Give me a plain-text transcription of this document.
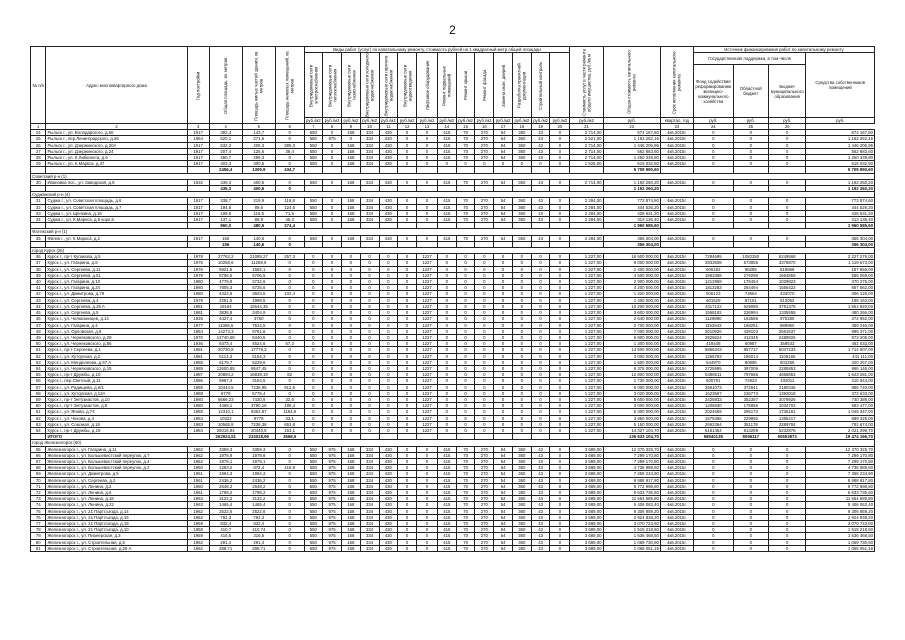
2
№ п/п	Адрес многоквартирного дома	Год постройки	Общая площадь, кв. метров	Площадь жилых частей здания, кв. метров	Площадь нежилых помещений, кв. метров	Виды работ (услуг) по капитальному ремонту, стоимость рублей на 1 квадратный метр общей площади														Стоимость услуг в части ремонта общего имущества, руб./кв.м	Общая стоимость капитального ремонта	Срок исполнения капитального ремонта	Источник финансирования работ по капитальному ремонту			
						Внутридомовые сети электроснабжения	Внутридомовые сети теплоснабжения	Внутридомовые сети газоснабжения	Внутридомовые сети холодного водоснабжения	Внутридомовые сети горячего водоснабжения	Внутридомовые сети водоотведения	Лифтовое оборудование	Ремонт подвальных помещений	Ремонт крыши	Ремонт фасада	Замена окон, дверей	Разработка проектной документации	Строительный контроль					Государственная поддержка, в том числе			Средства собственников помещений
																							Фонд содействия реформированию жилищно-коммунального хозяйства	Областной бюджет	Бюджет муниципального образования	
						руб./м2	руб./м2	руб./м2	руб./м2	руб./м2	руб./м2	руб./м2	руб./м2	руб./м2	руб./м2	руб./м2	руб./м2	руб./м2	руб./м2	руб./м2	руб.	квартал, год	руб.	руб.	руб.	руб.
1	2	3	4	5	6	7	8	9	10	11	12	13	14	15	16	17	18	19	20	21	22	23	24	25	26	
24	Рыльск г., ул. Володарского, д.60	1917	392,4	143,7	0	550	0	168	334	430	0	0	415	70	270	54	360	43	0	2 714,00	674 167,60	4кв.2015г.	0	0	0	674 167,60
25	Рыльск г., пер.Ленинградского, д.26	1964	520,1	271,6	0	550	975	0	334	430	0	0	415	70	270	54	360	43	0	2 521,00	1 162 262,16	4кв.2015г.	0	0	0	1 162 262,16
26	Рыльск г., ул. Дзержинского, д.20А	1917	532,3	205,3	395,3	550	0	168	334	430	0	0	415	70	270	54	360	43	0	2 714,00	1 446 206,96	4кв.2015г.	0	0	0	1 446 206,96
27	Рыльск г., ул. Дзержинского, д.24	1917	207,4	125,6	39,4	550	0	168	334	430	0	0	415	70	270	54	360	43	0	2 714,00	562 883,60	4кв.2015г.	0	0	0	562 883,60
28	Рыльск г., ул. К.Либкнехта, д.6	1917	460,7	289,3	0	550	0	168	334	430	0	0	415	70	270	54	360	43	0	2 714,00	1 250 339,80	4кв.2015г.	0	0	0	1 250 339,80
29	Рыльск г., ул. К.Маркса, д.37	1917	403,3	300,5	0	550	0	168	334	430	0	0	0	0	0	0	0	0	0	1 525,00	615 032,50	4кв.2015г.	0	0	0	615 032,50
			2456,4	1309,9	434,7																5 709 990,60					5 709 990,60
Советский р-н (1)																										
30	Ивановка пос., ул. Заводская, д.5	1932	439,3	400,5	0	550	0	168	334	430	0	0	415	70	270	54	360	43	0	2 714,00	1 192 260,20	4кв.2015г.	0	0	0	1 192 260,20
			439,3	400,5	0																1 192 260,20					1 192 260,20
Суджанский р-н (4)																										
31	Суджа г., ул. Советская площадь, д.6	1917	338,7	219,9	119,8	550	0	168	334	430	0	0	415	70	270	54	360	43	0	2 284,00	773 874,60	4кв.2015г.	0	0	0	773 874,60
32	Суджа г., ул. Советская площадь, д.7	1917	194,6	89,6	124,6	550	0	168	334	430	0	0	415	70	270	54	360	43	0	2 284,00	444 526,20	4кв.2015г.	0	0	0	444 526,20
33	Суджа г., ул. Щепкина, д.15	1917	189,6	116,5	71,5	550	0	168	334	430	0	0	415	70	270	54	360	43	0	2 284,00	428 631,20	4кв.2015г.	0	0	0	428 631,20
34	Суджа г., ул. К.Маркса, д.8 корп.6	1917	137,1	89,8	45,3	550	0	168	334	430	0	0	415	70	270	54	360	43	0	2 284,00	313 136,40	4кв.2015г.	0	0	0	313 136,40
			860,0	480,5	274,4																1 960 585,60					1 960 585,60
Фатежский р-н (1)																										
35	Фатеж г., ул. К.Маркса, д.2	1917	156	140,6	0	550	0	168	334	430	0	0	415	70	270	54	360	43	0	2 284,00	356 304,00	4кв.2015г.	0	0	0	356 304,00
			156	140,6	0																356 304,00					356 304,00
город Курск (26)																										
36	Курск г., пр-т Кулакова, д.5	1978	27762,2	21089,27	257,3	0	0	0	0	0	0	1227	0	0	0	0	0	0	0	1 227,00	16 500 000,00	4кв.2015г.	7284695	1082350	6249568	2 227 276,00
37	Курск г., ул. Гагарина, д.6	1976	10258,6	11259,9	0	0	0	0	0	0	0	1227	0	0	0	0	0	0	0	1 227,00	9 000 000,00	4кв.2015г.	3933608	573855	3378870	1 119 673,00
38	Курск г., ул. Сергеева, д.11	1976	5821,5	1692,1	0	0	0	0	0	0	0	1227	0	0	0	0	0	0	0	1 227,00	1 400 000,00	4кв.2015г.	606182	85285	518868	187 656,00
39	Курск г., ул. Сергеева, д.51	1979	5706,5	5706,5	0	0	0	0	0	0	0	1227	0	0	0	0	0	0	0	1 227,00	4 500 000,00	4кв.2015г.	1963368	279286	1664859	586 055,00
40	Курск г., ул. Гагарина, д.10	1980	4779,8	3732,6	0	0	0	0	0	0	0	1227	0	0	0	0	0	0	0	1 227,00	2 900 000,00	4кв.2015г.	1212958	176464	1029823	370 275,00
41	Курск г., ул. Гагарина, д.24	1980	7805,3	5725,6	0	0	0	0	0	0	0	1227	0	0	0	0	0	0	0	1 227,00	4 200 000,00	4кв.2015г.	1813283	264494	1556422	567 562,00
42	Курск г., ул. Димитрова, д.79	1980	4422,5	3603,5	102,4	0	0	0	0	0	0	1227	0	0	0	0	0	0	0	1 227,00	1 320 000,00	4кв.2015г.	506123	73664	433070	306 126,00
43	Курск г., ул. Сергеева, д.4	1979	2251,5	1999,5	0	0	0	0	0	0	0	1227	0	0	0	0	0	0	0	1 227,00	1 400 000,00	4кв.2015г.	601529	87161	513062	198 152,00
44	Курск г., ул. Сергеева, д.26 А	1981	18184	15644,35	0	0	0	0	0	0	0	1227	0	0	0	0	0	0	0	1 227,00	10 200 000,00	4кв.2015г.	4317122	629080	3791378	1 551 920,00
45	Курск г., ул. Сергеева, д.5	1981	3836,9	3404,9	0	0	0	0	0	0	0	1227	0	0	0	0	0	0	0	1 227,00	3 600 000,00	4кв.2015г.	1558182	226994	1335558	480 266,00
46	Курск г., ул. Челюскинцев, д.14	1925	4427,4	3760	0	0	0	0	0	0	0	1227	0	0	0	0	0	0	0	1 227,00	2 640 000,00	4кв.2015г.	1129890	163586	970280	372 952,00
47	Курск г., ул. Гагарина, д.4	1977	11386,5	7624,5	0	0	0	0	0	0	0	1227	0	0	0	0	0	0	0	1 227,00	2 700 000,00	4кв.2015г.	1152543	168251	989960	389 246,00
48	Курск г., ул. Орловская, д.6	1984	14273,3	9761,6	0	0	0	0	0	0	0	1227	0	0	0	0	0	0	0	1 227,00	7 000 000,00	4кв.2015г.	3010926	439103	2561537	988 371,00
49	Курск г., ул. Черняховского, д.29	1970	12740,58	8440,5	0	0	0	0	0	0	0	1227	0	0	0	0	0	0	0	1 227,00	6 800 000,00	4кв.2015г.	2926624	412345	2488826	973 205,00
50	Курск г., ул. Черняховского, д.56	1936	6473,4	4524,6	57,3	0	0	0	0	0	0	1227	0	0	0	0	0	0	0	1 227,00	1 300 000,00	4кв.2015г.	418448	60987	358533	462 032,00
51	Курск г., пр-т Сергеева, д.1	1981	20730,8	17778,3	0	0	0	0	0	0	0	1227	0	0	0	0	0	0	0	1 227,00	13 500 000,00	4кв.2015г.	5866343	857717	5047233	1 714 607,00
52	Курск г., ул. Хуторская, д.2	1981	6113,3	5194,3	0	0	0	0	0	0	0	1227	0	0	0	0	0	0	0	1 227,00	3 000 000,00	4кв.2015г.	1266783	186014	1106165	441 111,00
53	Курск г., ул. Менделеева, д.57 А	1986	6179,7	5229,6	0	0	0	0	0	0	0	1227	0	0	0	0	0	0	0	1 227,00	1 500 000,00	4кв.2015г.	544970	80886	503256	320 267,00
54	Курск г., ул. Черняховского, д.15	1985	12600,85	9547,45	0	0	0	0	0	0	0	1227	0	0	0	0	0	0	0	1 227,00	6 375 000,00	4кв.2015г.	2725995	397006	2285853	966 146,00
55	Курск г., пр-т Дружбы, д.10	1987	20894,2	16839,19	82	0	0	0	0	0	0	1227	0	0	0	0	0	0	0	1 227,00	12 800 000,00	4кв.2015г.	5488611	797655	4666653	1 643 281,00
56	Курск г., пер.Светлый, д.11	1986	5967,4	3154,5	0	0	0	0	0	0	0	1227	0	0	0	0	0	0	0	1 227,00	1 730 000,00	4кв.2015г.	500791	72823	432011	315 844,00
57	Курск г., ул. Радищева, д.6/1	1988	10444,5	7236,95	912,6	0	0	0	0	0	0	1227	0	0	0	0	0	0	0	1 227,00	6 000 000,00	4кв.2015г.	2561073	372841	2180346	885 740,00
58	Курск г., ул. Хуторская, д.13А	1988	6779	5775,4	0	0	0	0	0	0	0	1227	0	0	0	0	0	0	0	1 227,00	3 020 000,00	4кв.2015г.	1623567	236773	1392018	373 633,00
59	Курск г., пр-т Энтузиастов, д.10	1980	8669,23	7430,9	32,6	0	0	0	0	0	0	1227	0	0	0	0	0	0	0	1 227,00	5 600 000,00	4кв.2015г.	2425933	352357	2079926	740 389,00
60	Курск г., пр-т Энтузиастов, д.8	1980	4465,1	3780,16	195,4	0	0	0	0	0	0	1227	0	0	0	0	0	0	0	1 227,00	3 000 000,00	4кв.2015г.	1206830	175956	1034702	583 477,00
61	Курск г., ул. Янова, д.74	1988	12310,1	9352,87	1164,9	0	0	0	0	0	0	1227	0	0	0	0	0	0	0	1 227,00	5 300 000,00	4кв.2015г.	2024669	295173	1735191	1 045 347,00
62	Курск г., ул. Чехова, д.4	1984	10322	8779	33,1	0	0	0	0	0	0	1227	0	0	0	0	0	0	0	1 227,00	3 950 000,00	4кв.2015г.	1575366	229892	1355417	689 325,00
63	Курск г., ул. Союзная, д.16	1983	10565,8	7236,36	653,8	0	0	0	0	0	0	1227	0	0	0	0	0	0	0	1 227,00	5 150 000,00	4кв.2015г.	2662364	381178	2289784	782 674,00
64	Курск г., пр-т Дружбы, д.19	1984	25016,84	20440,5	163,1	0	0	0	0	0	0	1227	0	0	0	0	0	0	0	1 227,00	14 327 104,70	4кв.2015г.	6161454	813299	5232876	2 021 299,70
	ИТОГО		262924,51	233028,96	3668,5																136 633 104,70		58540138	8096117	50553873	19 474 196,70
город Железногорск (60)																										
65	Железногорск г., ул. Гагарина, д.11	1962	3359,3	3359,3	0	550	975	168	334	430	0	0	415	70	270	54	360	43	0	3 689,00	12 370 325,70	4кв.2015г.	0	0	0	12 370 325,70
66	Железногорск г., ул. Большевистский переулок, д.7	1962	1978,9	1978,9	0	550	975	168	334	430	0	0	415	70	270	54	360	43	0	3 689,00	7 299 170,80	4кв.2015г.	0	0	0	7 299 170,80
67	Железногорск г., ул. Большевистский переулок, д.4	1962	1979,1	1979,1	0	550	975	168	334	430	0	0	415	70	270	54	360	43	0	3 689,00	7 299 170,80	4кв.2015г.	0	0	0	7 299 170,80
68	Железногорск г., ул. Большевистский переулок, д.2	1960	1283,2	872,4	415,9	550	975	168	334	430	0	0	415	70	270	54	360	43	0	3 689,00	4 736 989,60	4кв.2015г.	0	0	0	4 736 989,60
69	Железногорск г., ул. Димитрова, д.5	1961	1994,3	1994,3	0	550	975	168	334	430	0	0	415	70	270	54	360	43	0	3 689,00	7 358 234,90	4кв.2015г.	0	0	0	7 358 234,90
70	Железногорск г., ул. Сергеева, д.2	1961	2436,2	2436,2	0	550	975	168	334	430	0	0	415	70	270	54	360	43	0	3 689,00	8 988 917,80	4кв.2015г.	0	0	0	8 988 917,80
71	Железногорск г., ул. Ленина, д.2	1960	2648,2	2648,2	0	550	975	168	334	430	0	0	415	70	270	54	360	43	0	3 689,00	9 772 998,80	4кв.2015г.	0	0	0	9 772 998,80
72	Железногорск г., ул. Ленина, д.6	1961	1798,2	1798,2	0	550	975	168	334	430	0	0	415	70	270	54	360	43	0	3 689,00	6 633 735,60	4кв.2015г.	0	0	0	6 633 735,60
73	Железногорск г., ул. Ленина, д.16	1963	3132,2	3132,2	0	550	975	168	334	430	0	0	415	70	270	54	360	43	0	3 689,00	11 554 685,80	4кв.2015г.	0	0	0	11 554 685,80
74	Железногорск г., ул. Ленина, д.22	1963	1465,4	1465,4	0	550	975	168	334	430	0	0	415	70	270	54	360	43	0	3 689,00	5 406 063,40	4кв.2015г.	0	0	0	5 406 063,40
75	Железногорск г., ул. 21 Партсъезда, д.14	1962	2522,6	2522,6	0	550	975	168	334	430	0	0	415	70	270	54	360	43	0	3 689,00	9 306 959,20	4кв.2015г.	0	0	0	9 306 959,20
76	Железногорск г., ул. 21 Партсъезда, д.16	1962	792,3	792,3	0	550	975	168	334	430	0	0	415	70	270	54	360	43	0	3 689,00	2 924 838,20	4кв.2015г.	0	0	0	2 924 838,20
77	Железногорск г., ул. 21 Партсъезда, д.18	1959	832,4	832,4	0	550	975	168	334	430	0	0	415	70	270	54	360	43	0	3 689,00	3 070 723,60	4кв.2015г.	0	0	0	3 070 723,60
78	Железногорск г., ул. 21 Партсъезда, д.10	1958	410,7	410,74	0	550	975	168	334	430	0	0	415	70	270	54	360	43	0	3 689,00	1 515 218,60	4кв.2015г.	0	0	0	1 515 218,60
79	Железногорск г., ул. Пионерская, д.3	1959	416,5	316,5	0	550	975	168	334	430	0	0	415	70	270	54	360	43	0	3 689,00	1 536 468,50	4кв.2015г.	0	0	0	1 536 468,50
80	Железногорск г., ул. Строительная, д.5	1962	291,4	291,4	0	550	975	168	334	430	0	0	415	70	270	54	360	43	0	3 689,00	1 069 730,60	4кв.2015г.	0	0	0	1 069 730,60
81	Железногорск г., ул. Строительная, д.26 А	1962	288,71	288,71	0	550	975	168	334	430	0	0	415	70	270	54	360	43	0	3 689,00	1 065 051,19	4кв.2015г.	0	0	0	1 065 051,19
